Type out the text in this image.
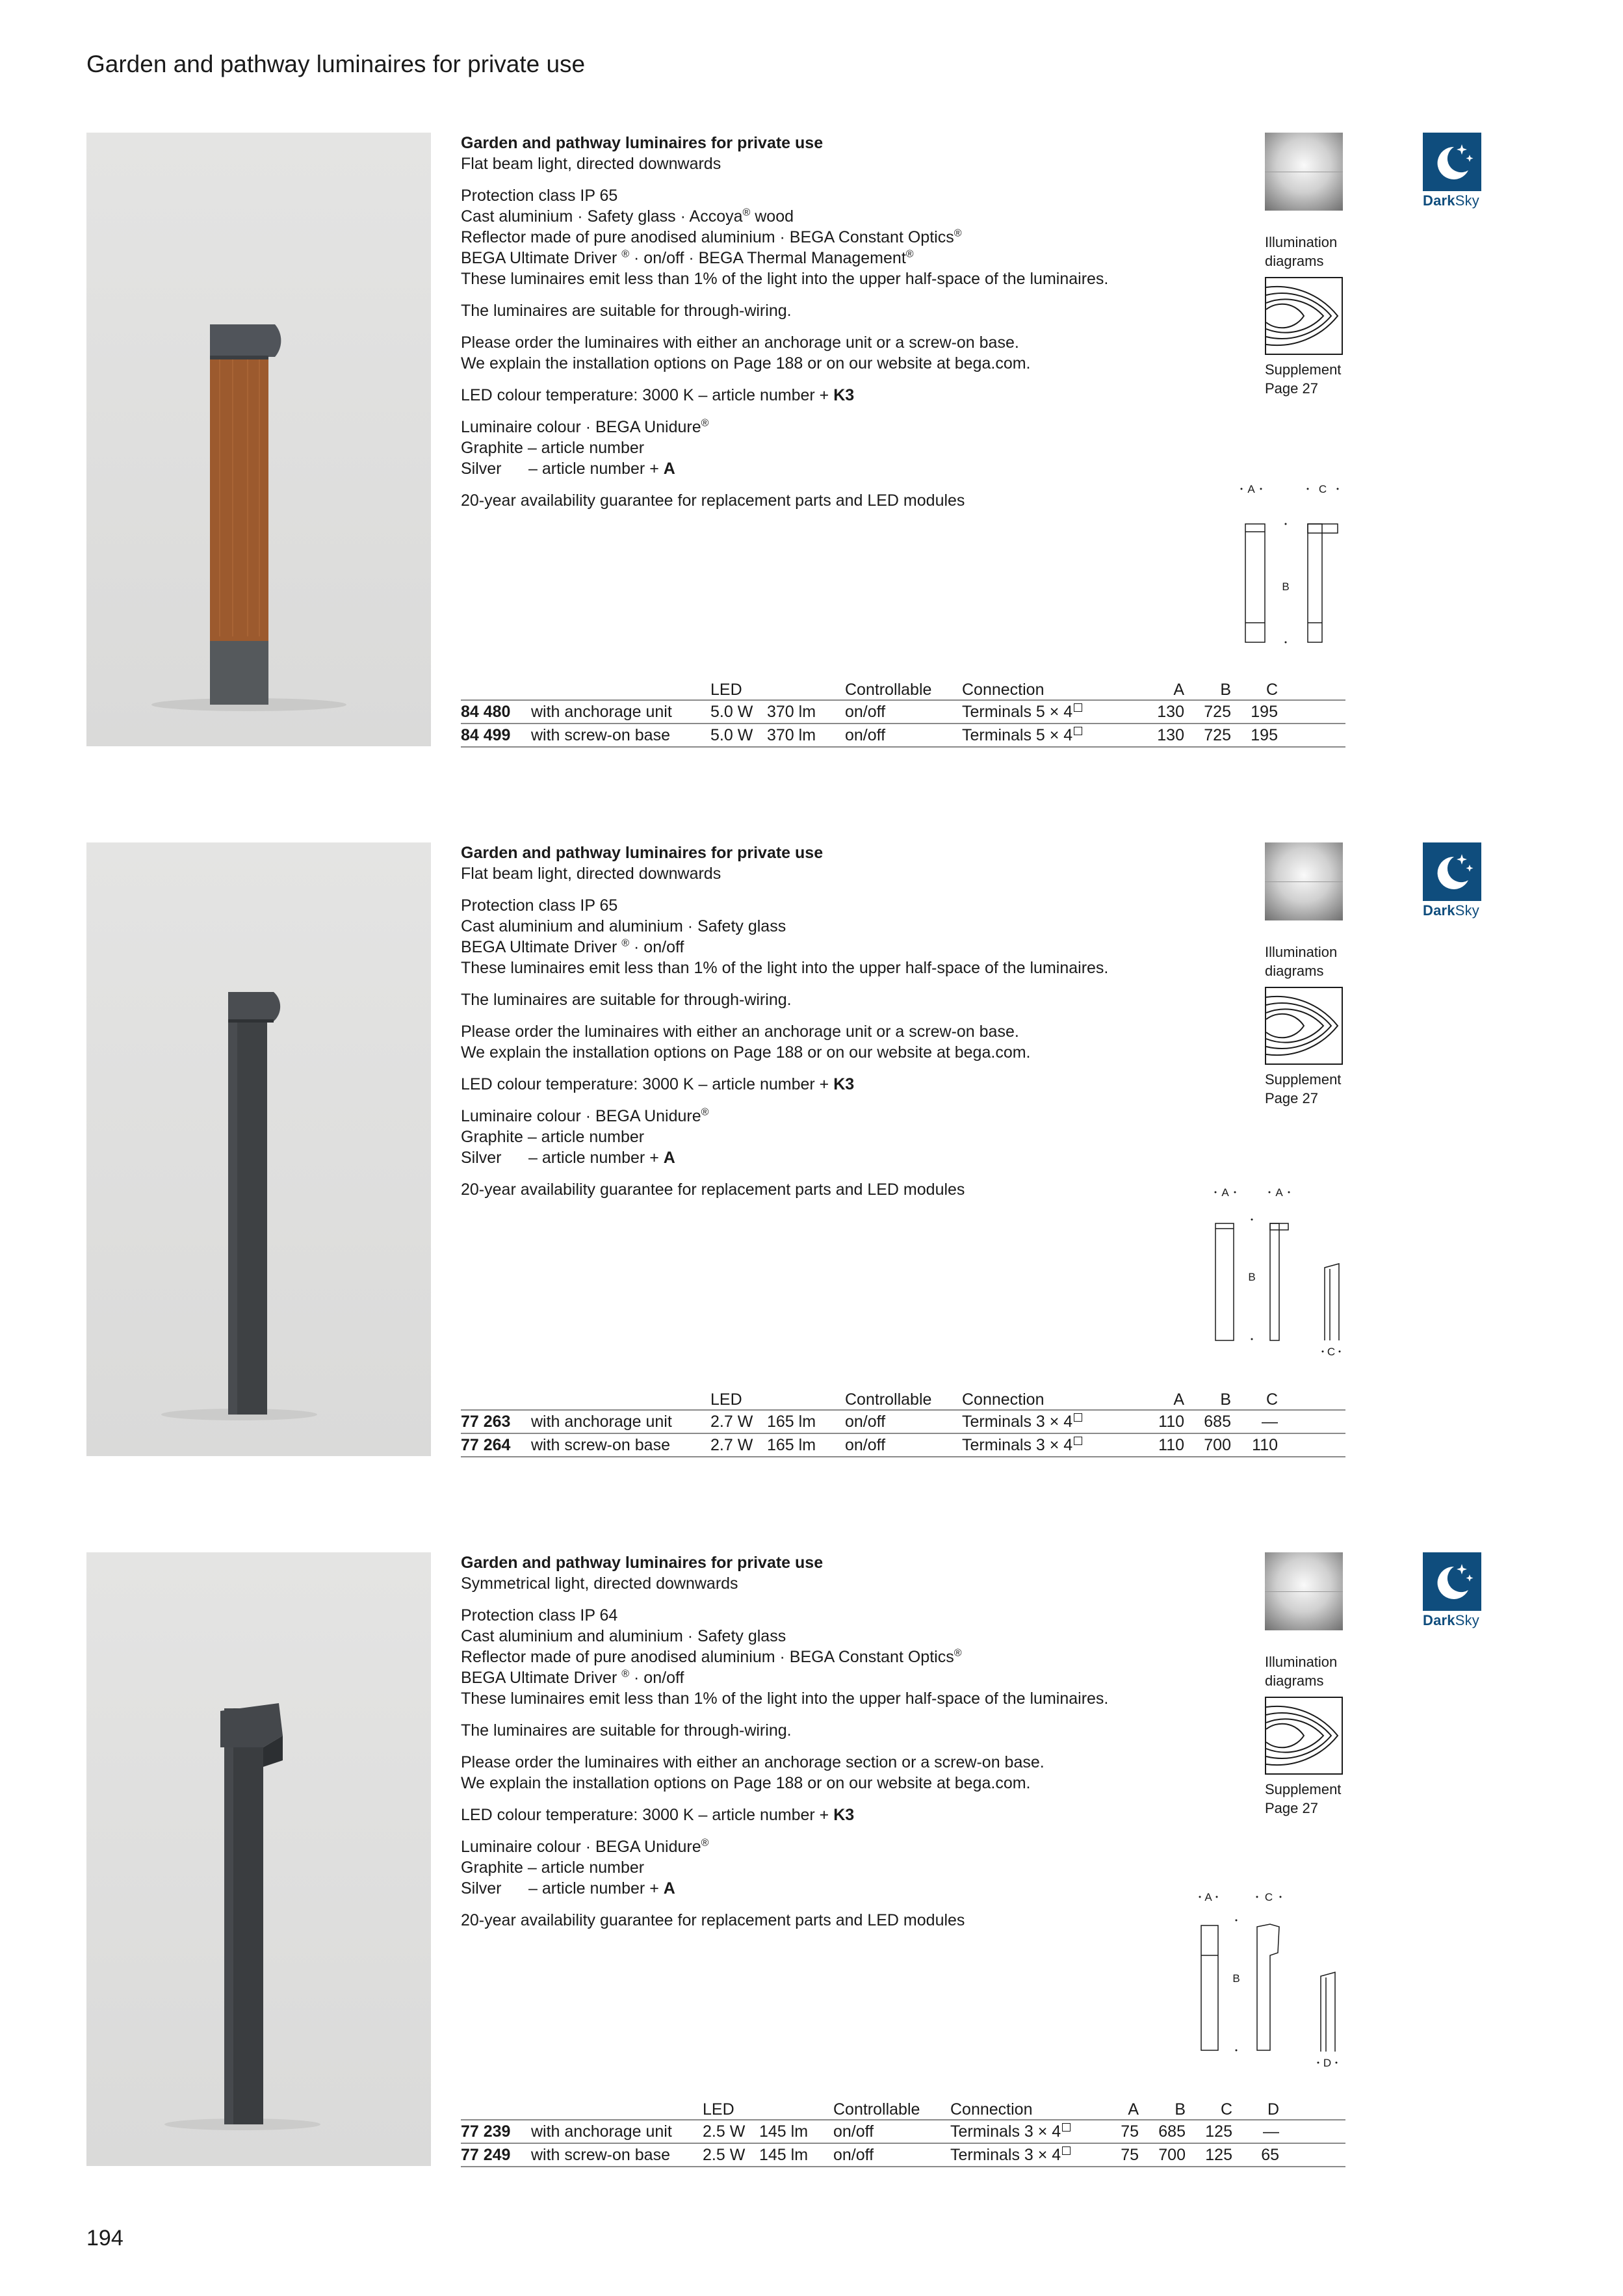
Garden and pathway luminaires for private use

Garden and pathway luminaires for private use
Flat beam light, directed downwards

Protection class IP 65
Cast aluminium · Safety glass · Accoya® wood
Reflector made of pure anodised aluminium · BEGA Constant Optics®
BEGA Ultimate Driver ® · on/off · BEGA Thermal Management®
These luminaires emit less than 1% of the light into the upper half-space of the luminaires.

The luminaires are suitable for through-wiring.

Please order the luminaires with either an anchorage unit or a screw-on base.
We explain the installation options on Page 188 or on our website at bega.com.

LED colour temperature: 3000 K – article number + K3

Luminaire colour · BEGA Unidure®
Graphite – article number
Silver – article number + A

20-year availability guarantee for replacement parts and LED modules

Illumination
diagrams
Supplement
Page 27
DarkSky
A	C
B
		LED		Controllable	Connection	A	B	C	
84 480	with anchorage unit	5.0 W	370 lm	on/off	Terminals 5 × 4	130	725	195	
84 499	with screw-on base	5.0 W	370 lm	on/off	Terminals 5 × 4	130	725	195	

Garden and pathway luminaires for private use
Flat beam light, directed downwards

Protection class IP 65
Cast aluminium and aluminium · Safety glass
BEGA Ultimate Driver ® · on/off
These luminaires emit less than 1% of the light into the upper half-space of the luminaires.

The luminaires are suitable for through-wiring.

Please order the luminaires with either an anchorage unit or a screw-on base.
We explain the installation options on Page 188 or on our website at bega.com.

LED colour temperature: 3000 K – article number + K3

Luminaire colour · BEGA Unidure®
Graphite – article number
Silver – article number + A

20-year availability guarantee for replacement parts and LED modules

Illumination
diagrams
Supplement
Page 27
DarkSky
A	A
B
C
		LED		Controllable	Connection	A	B	C	
77 263	with anchorage unit	2.7 W	165 lm	on/off	Terminals 3 × 4	110	685	—	
77 264	with screw-on base	2.7 W	165 lm	on/off	Terminals 3 × 4	110	700	110	

Garden and pathway luminaires for private use
Symmetrical light, directed downwards

Protection class IP 64
Cast aluminium and aluminium · Safety glass
Reflector made of pure anodised aluminium · BEGA Constant Optics®
BEGA Ultimate Driver ® · on/off
These luminaires emit less than 1% of the light into the upper half-space of the luminaires.

The luminaires are suitable for through-wiring.

Please order the luminaires with either an anchorage section or a screw-on base.
We explain the installation options on Page 188 or on our website at bega.com.

LED colour temperature: 3000 K – article number + K3

Luminaire colour · BEGA Unidure®
Graphite – article number
Silver – article number + A

20-year availability guarantee for replacement parts and LED modules

Illumination
diagrams
Supplement
Page 27
DarkSky
A	C
B
D
		LED		Controllable	Connection	A	B	C	D	
77 239	with anchorage unit	2.5 W	145 lm	on/off	Terminals 3 × 4	75	685	125	—	
77 249	with screw-on base	2.5 W	145 lm	on/off	Terminals 3 × 4	75	700	125	65	
194
